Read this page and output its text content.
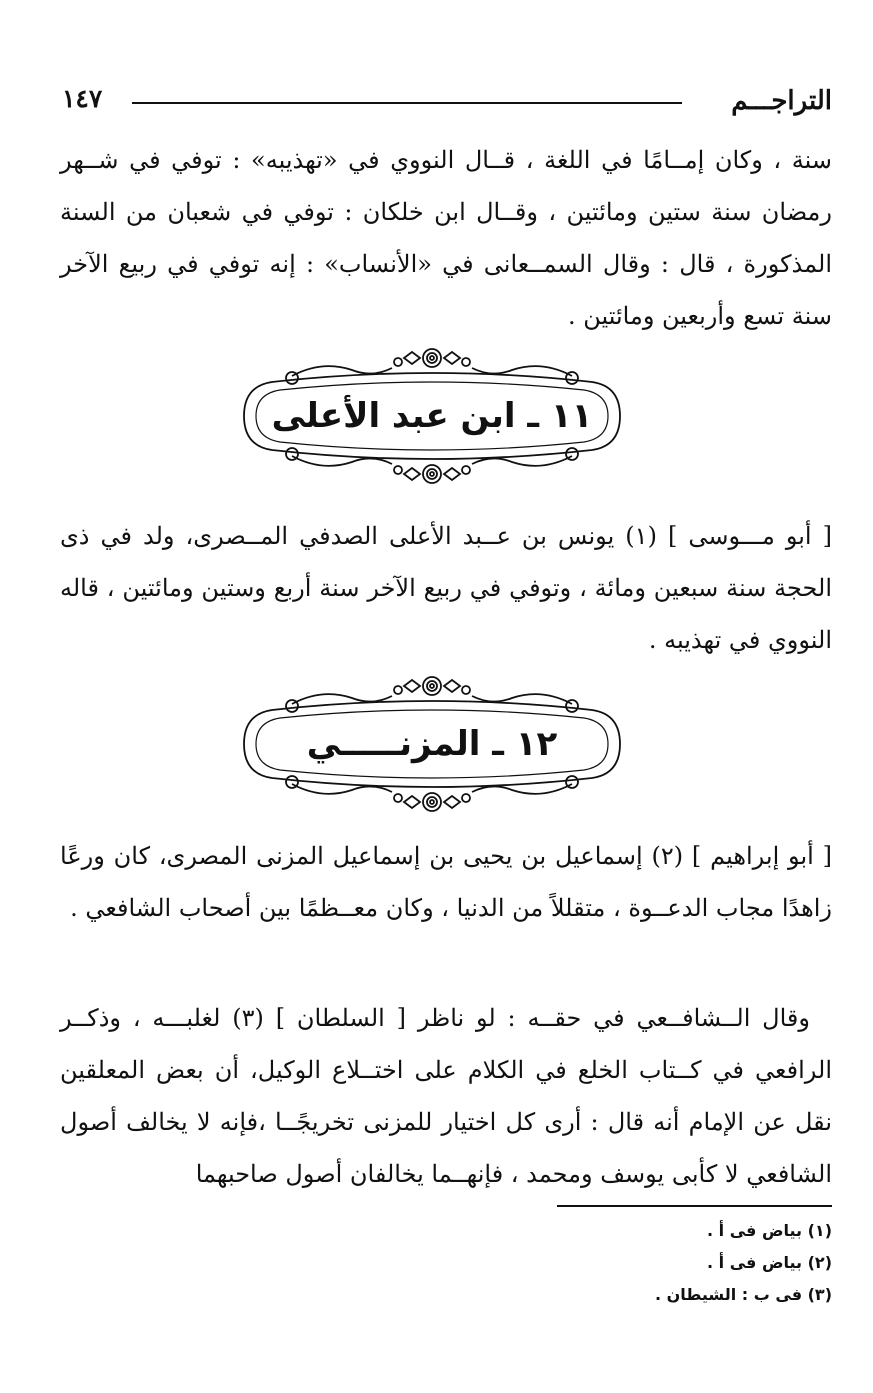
التراجـــم
١٤٧
سنة ، وكان إمــامًا في اللغة ، قــال النووي في «تهذيبه» : توفي في شــهر رمضان سنة ستين ومائتين ، وقــال ابن خلكان : توفي في شعبان من السنة المذكورة ، قال : وقال السمــعانى في «الأنساب» : إنه توفي في ربيع الآخر سنة تسع وأربعين ومائتين .
١١ ـ ابن عبد الأعلى
[ أبو مـــوسى ] (١) يونس بن عــبد الأعلى الصدفي المــصرى، ولد في ذى الحجة سنة سبعين ومائة ، وتوفي في ربيع الآخر سنة أربع وستين ومائتين ، قاله النووي في تهذيبه .
١٢ ـ المزنـــــي
[ أبو إبراهيم ] (٢) إسماعيل بن يحيى بن إسماعيل المزنى المصرى، كان ورعًا زاهدًا مجاب الدعــوة ، متقللاً من الدنيا ، وكان معــظمًا بين أصحاب الشافعي .
وقال الــشافــعي في حقــه : لو ناظر [ السلطان ] (٣) لغلبـــه ، وذكــر الرافعي في كــتاب الخلع في الكلام على اختــلاع الوكيل، أن بعض المعلقين نقل عن الإمام أنه قال : أرى كل اختيار للمزنى تخريجًــا ،فإنه لا يخالف أصول الشافعي لا كأبى يوسف ومحمد ، فإنهــما يخالفان أصول صاحبهما
(١) بياض فى أ .
(٢) بياض فى أ .
(٣) فى ب : الشيطان .
